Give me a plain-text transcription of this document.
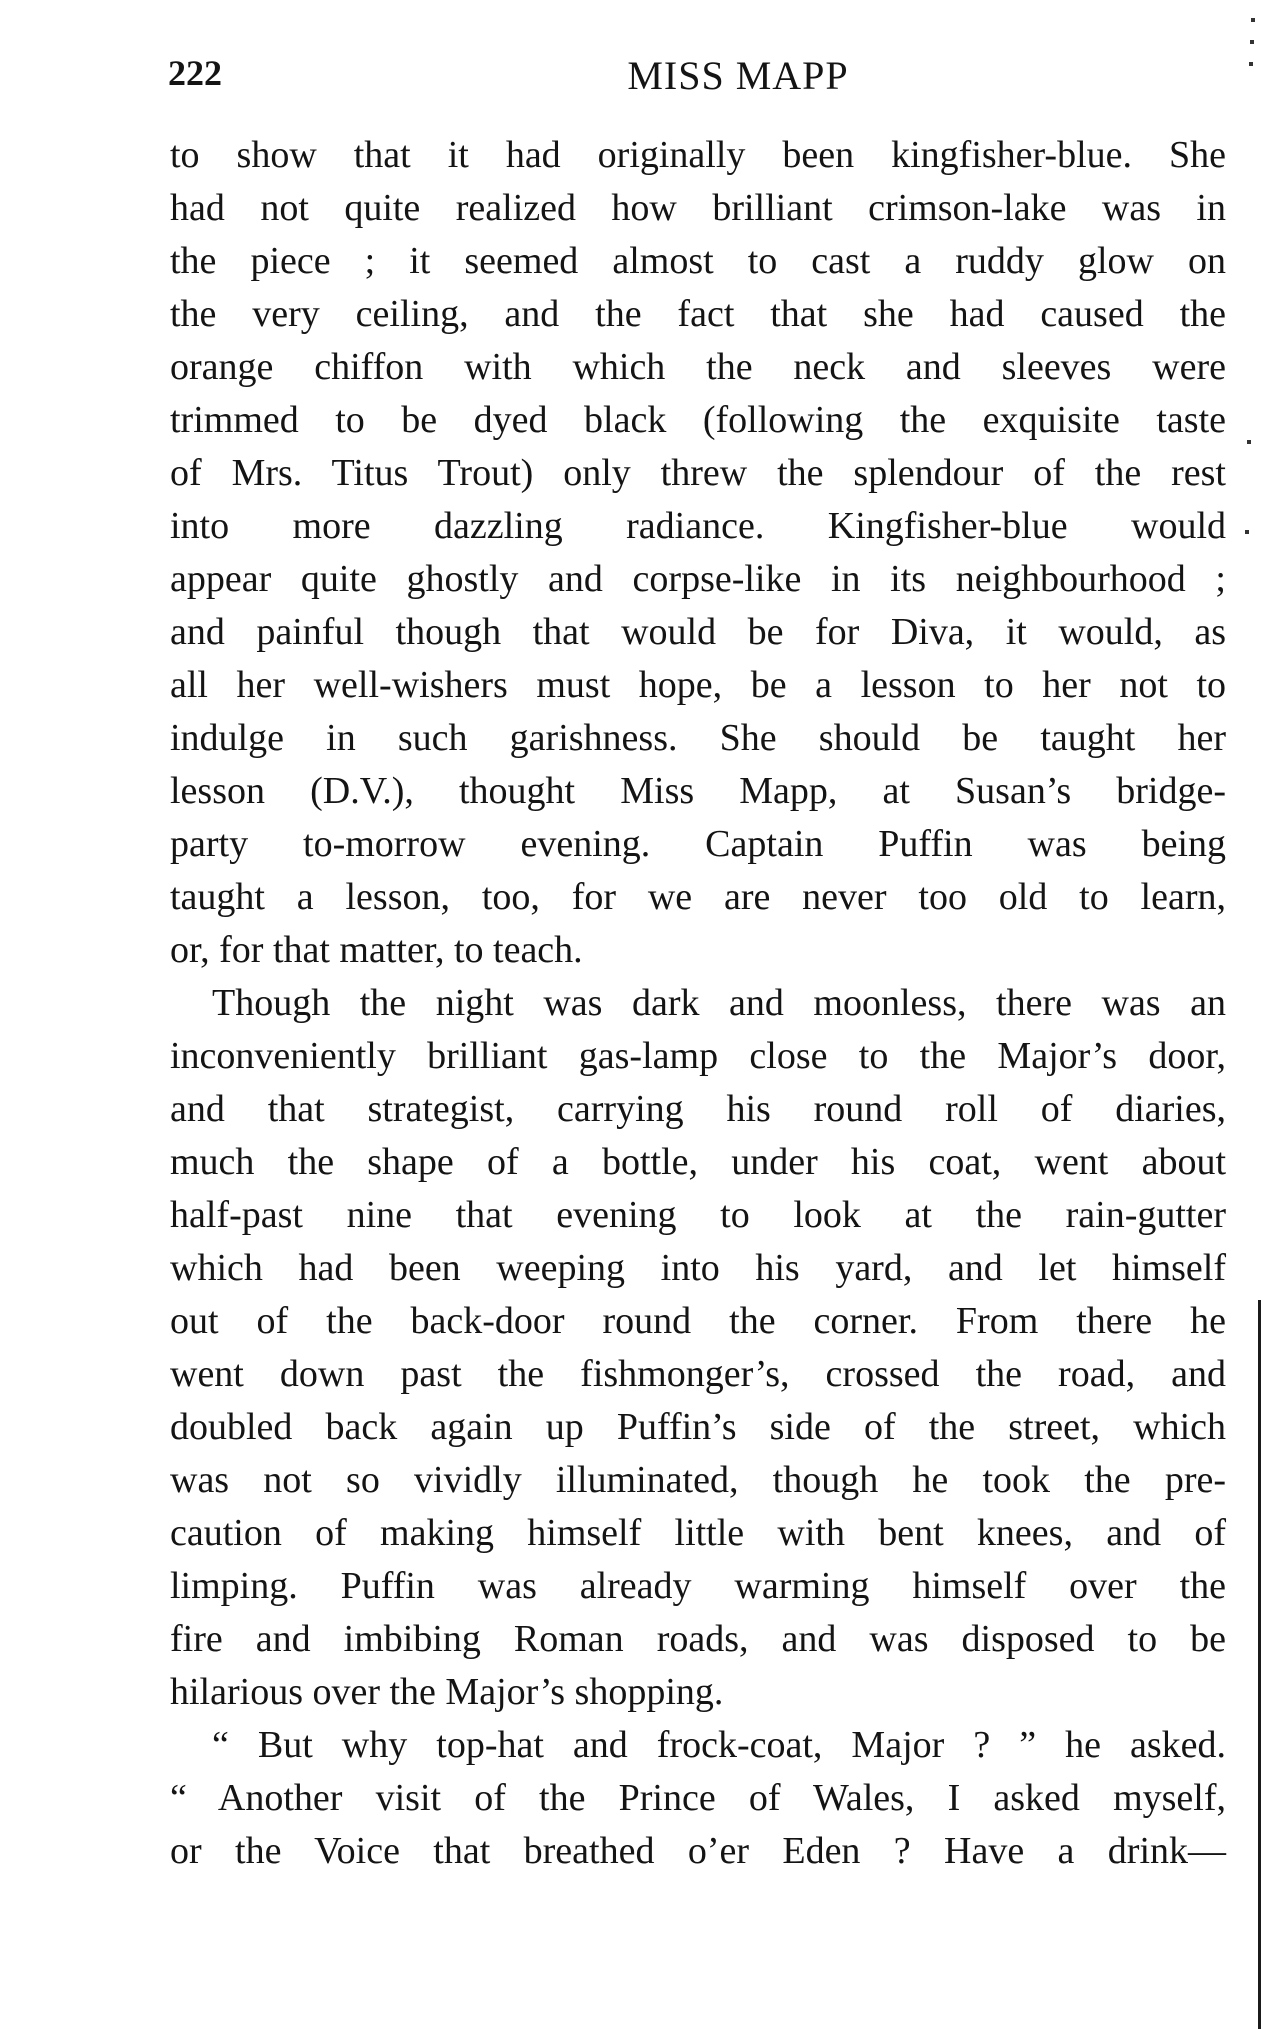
222	MISS MAPP
to show that it had originally been kingfisher-blue. She
had not quite realized how brilliant crimson-lake was in
the piece ; it seemed almost to cast a ruddy glow on
the very ceiling, and the fact that she had caused the
orange chiffon with which the neck and sleeves were
trimmed to be dyed black (following the exquisite taste
of Mrs. Titus Trout) only threw the splendour of the rest
into more dazzling radiance. Kingfisher-blue would
appear quite ghostly and corpse-like in its neighbourhood ;
and painful though that would be for Diva, it would, as
all her well-wishers must hope, be a lesson to her not to
indulge in such garishness. She should be taught her
lesson (D.V.), thought Miss Mapp, at Susan’s bridge-
party to-morrow evening. Captain Puffin was being
taught a lesson, too, for we are never too old to learn,
or, for that matter, to teach.
Though the night was dark and moonless, there was an
inconveniently brilliant gas-lamp close to the Major’s door,
and that strategist, carrying his round roll of diaries,
much the shape of a bottle, under his coat, went about
half-past nine that evening to look at the rain-gutter
which had been weeping into his yard, and let himself
out of the back-door round the corner. From there he
went down past the fishmonger’s, crossed the road, and
doubled back again up Puffin’s side of the street, which
was not so vividly illuminated, though he took the pre-
caution of making himself little with bent knees, and of
limping. Puffin was already warming himself over the
fire and imbibing Roman roads, and was disposed to be
hilarious over the Major’s shopping.
“ But why top-hat and frock-coat, Major ? ” he asked.
“ Another visit of the Prince of Wales, I asked myself,
or the Voice that breathed o’er Eden ? Have a drink—
